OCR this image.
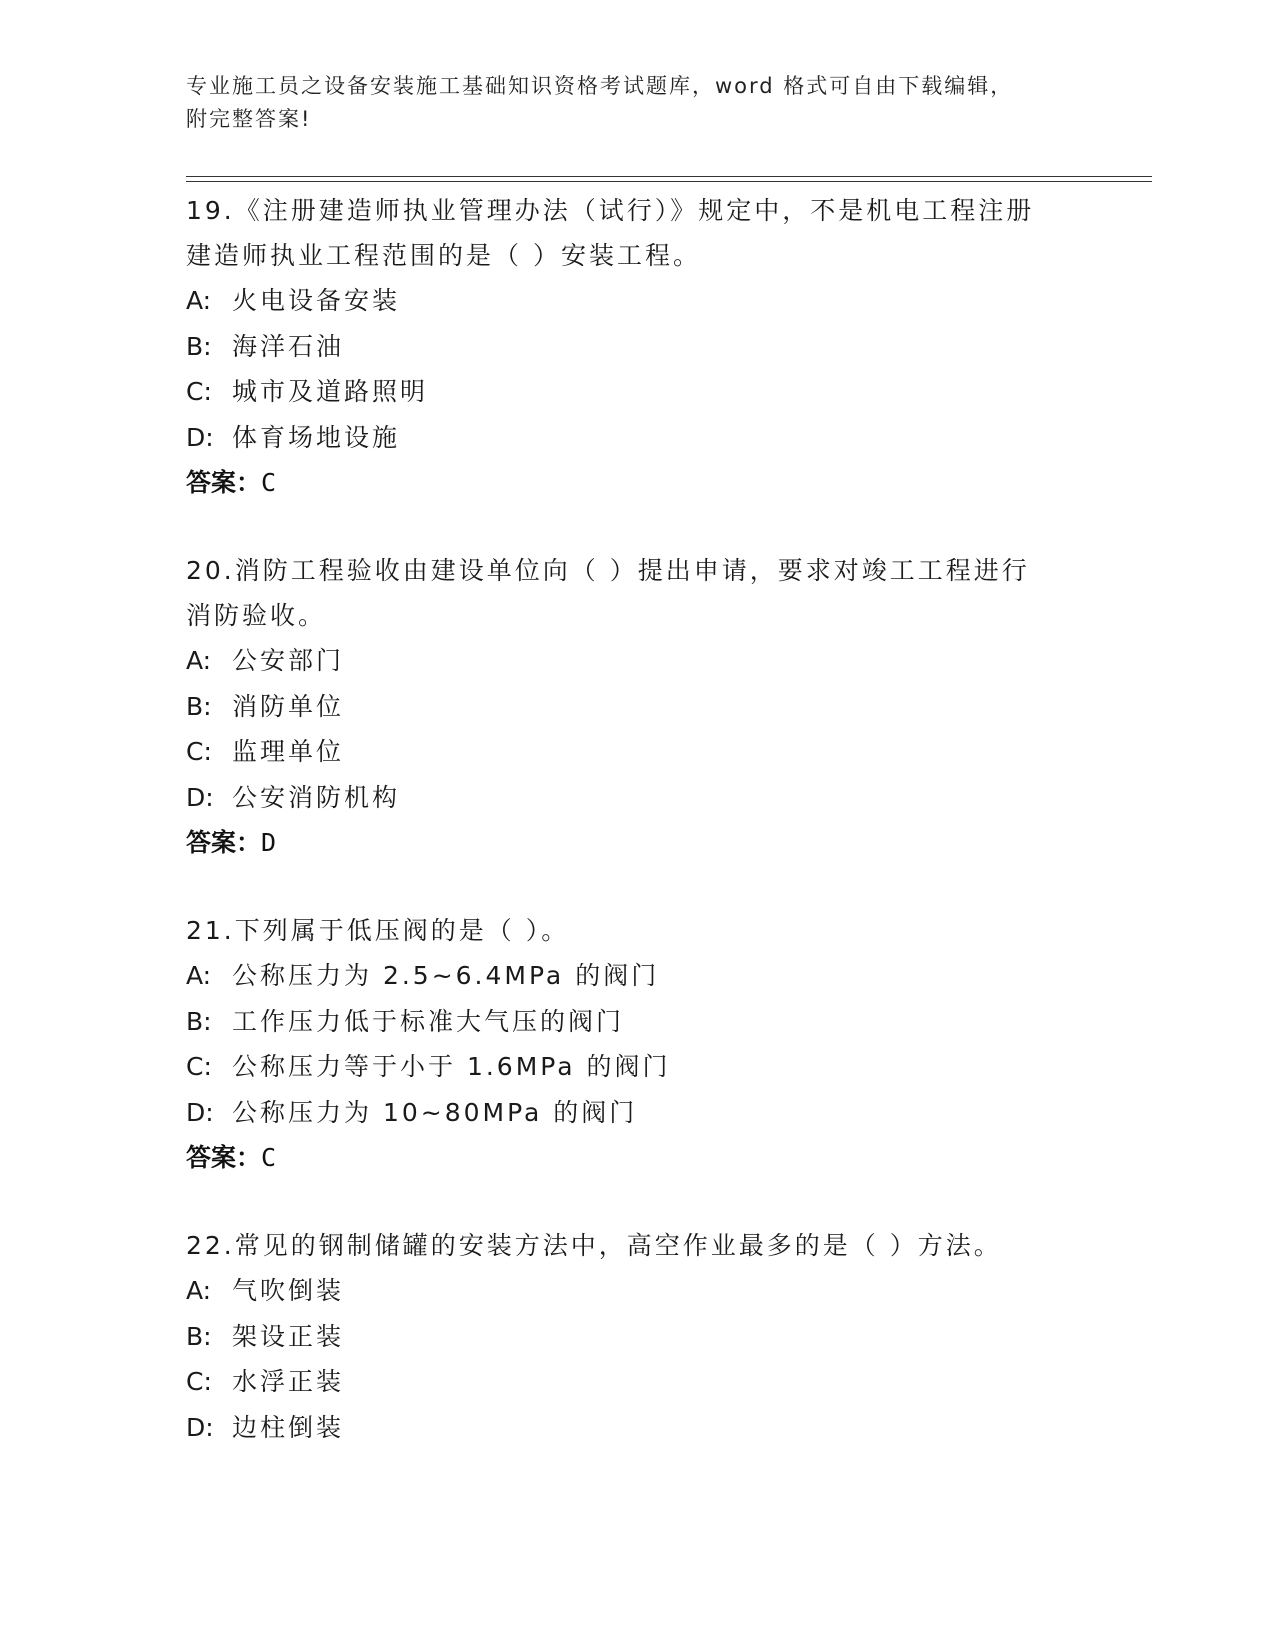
专业施工员之设备安装施工基础知识资格考试题库，word 格式可自由下载编辑，
附完整答案!
19.《注册建造师执业管理办法（试行）》规定中，不是机电工程注册
建造师执业工程范围的是（ ）安装工程。
A: 火电设备安装
B: 海洋石油
C: 城市及道路照明
D: 体育场地设施
答案：C
20.消防工程验收由建设单位向（ ）提出申请，要求对竣工工程进行
消防验收。
A: 公安部门
B: 消防单位
C: 监理单位
D: 公安消防机构
答案：D
21.下列属于低压阀的是（ ）。
A: 公称压力为 2.5~6.4MPa 的阀门
B: 工作压力低于标准大气压的阀门
C: 公称压力等于小于 1.6MPa 的阀门
D: 公称压力为 10~80MPa 的阀门
答案：C
22.常见的钢制储罐的安装方法中，高空作业最多的是（ ）方法。
A: 气吹倒装
B: 架设正装
C: 水浮正装
D: 边柱倒装
